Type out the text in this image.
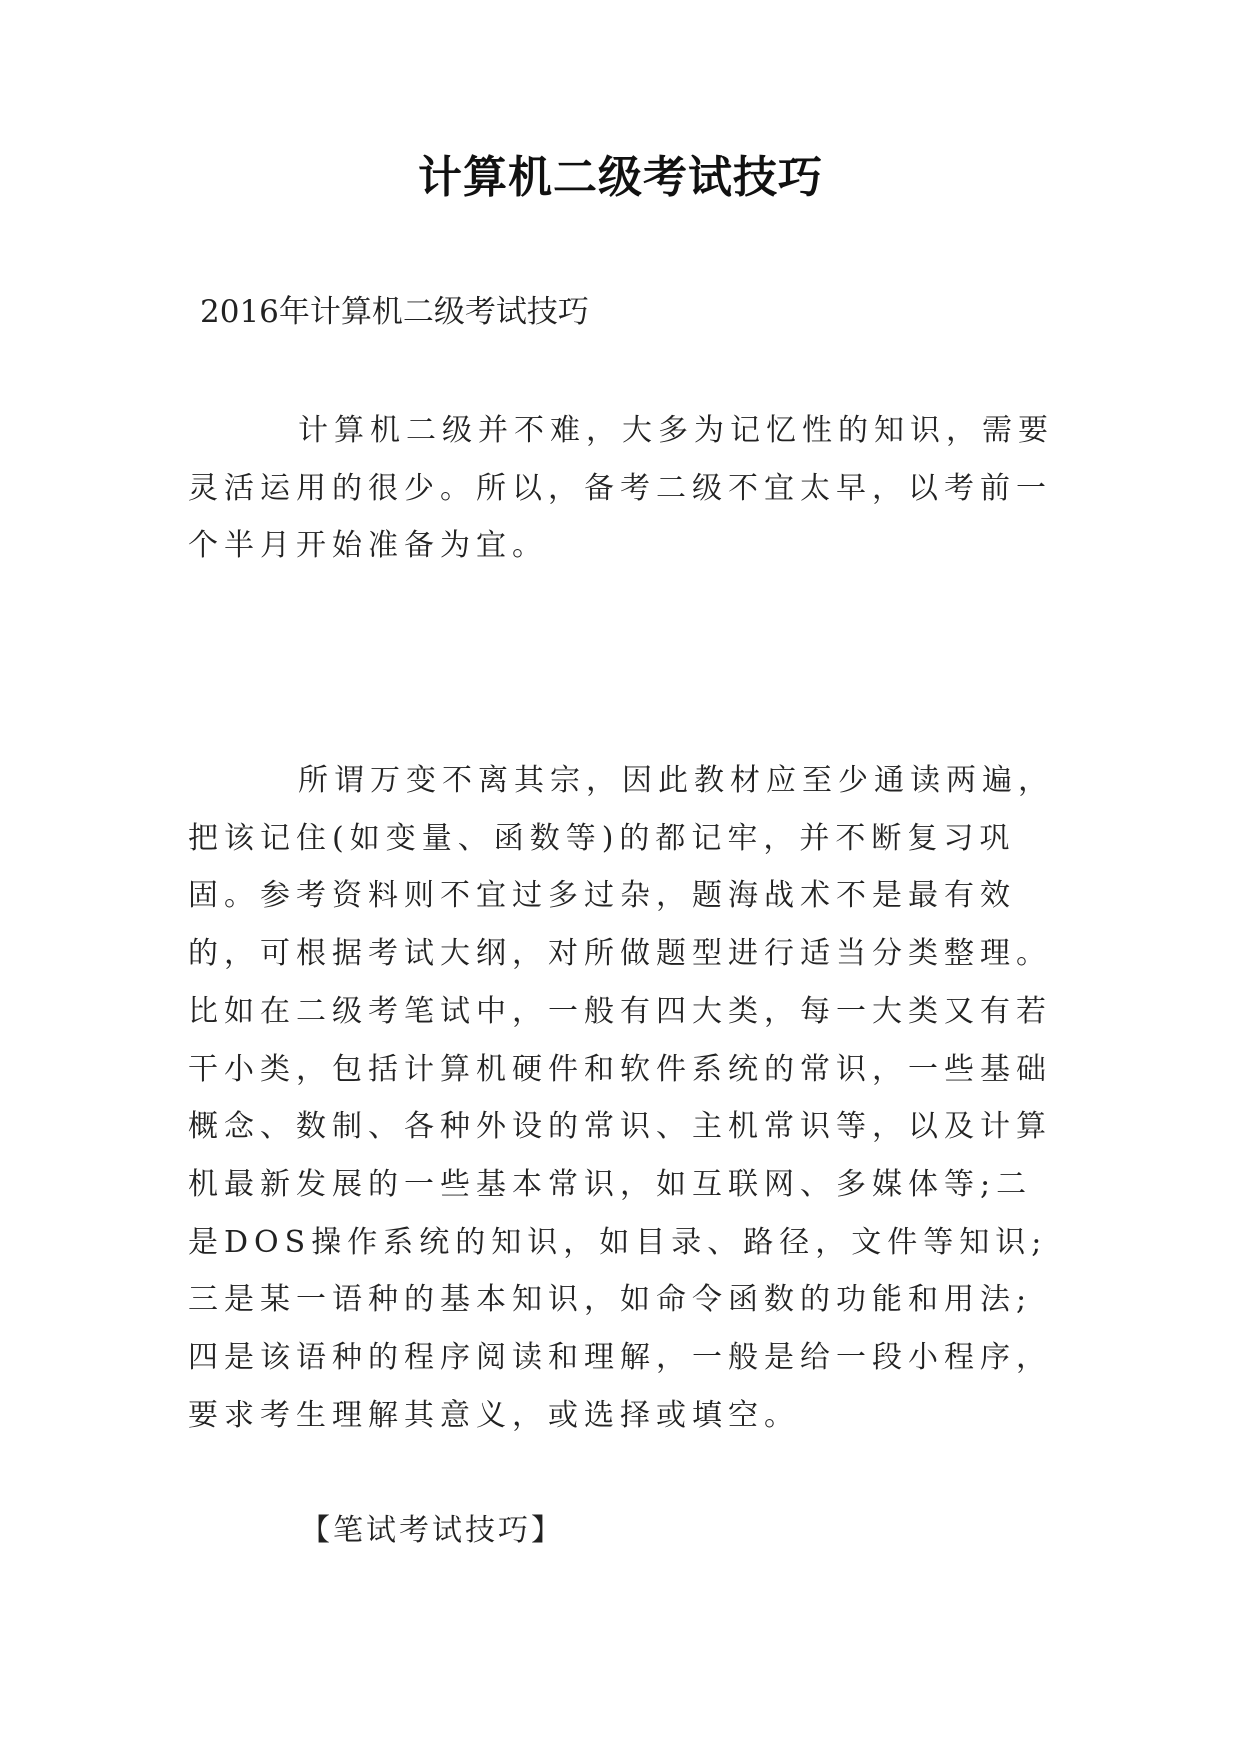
计算机二级考试技巧
2016年计算机二级考试技巧
计算机二级并不难，大多为记忆性的知识，需要灵活运用的很少。所以，备考二级不宜太早，以考前一个半月开始准备为宜。
所谓万变不离其宗，因此教材应至少通读两遍，把该记住(如变量、函数等)的都记牢，并不断复习巩固。参考资料则不宜过多过杂，题海战术不是最有效的，可根据考试大纲，对所做题型进行适当分类整理。比如在二级考笔试中，一般有四大类，每一大类又有若干小类，包括计算机硬件和软件系统的常识，一些基础概念、数制、各种外设的常识、主机常识等，以及计算机最新发展的一些基本常识，如互联网、多媒体等;二是DOS操作系统的知识，如目录、路径，文件等知识;三是某一语种的基本知识，如命令函数的功能和用法;四是该语种的程序阅读和理解，一般是给一段小程序，要求考生理解其意义，或选择或填空。
【笔试考试技巧】
